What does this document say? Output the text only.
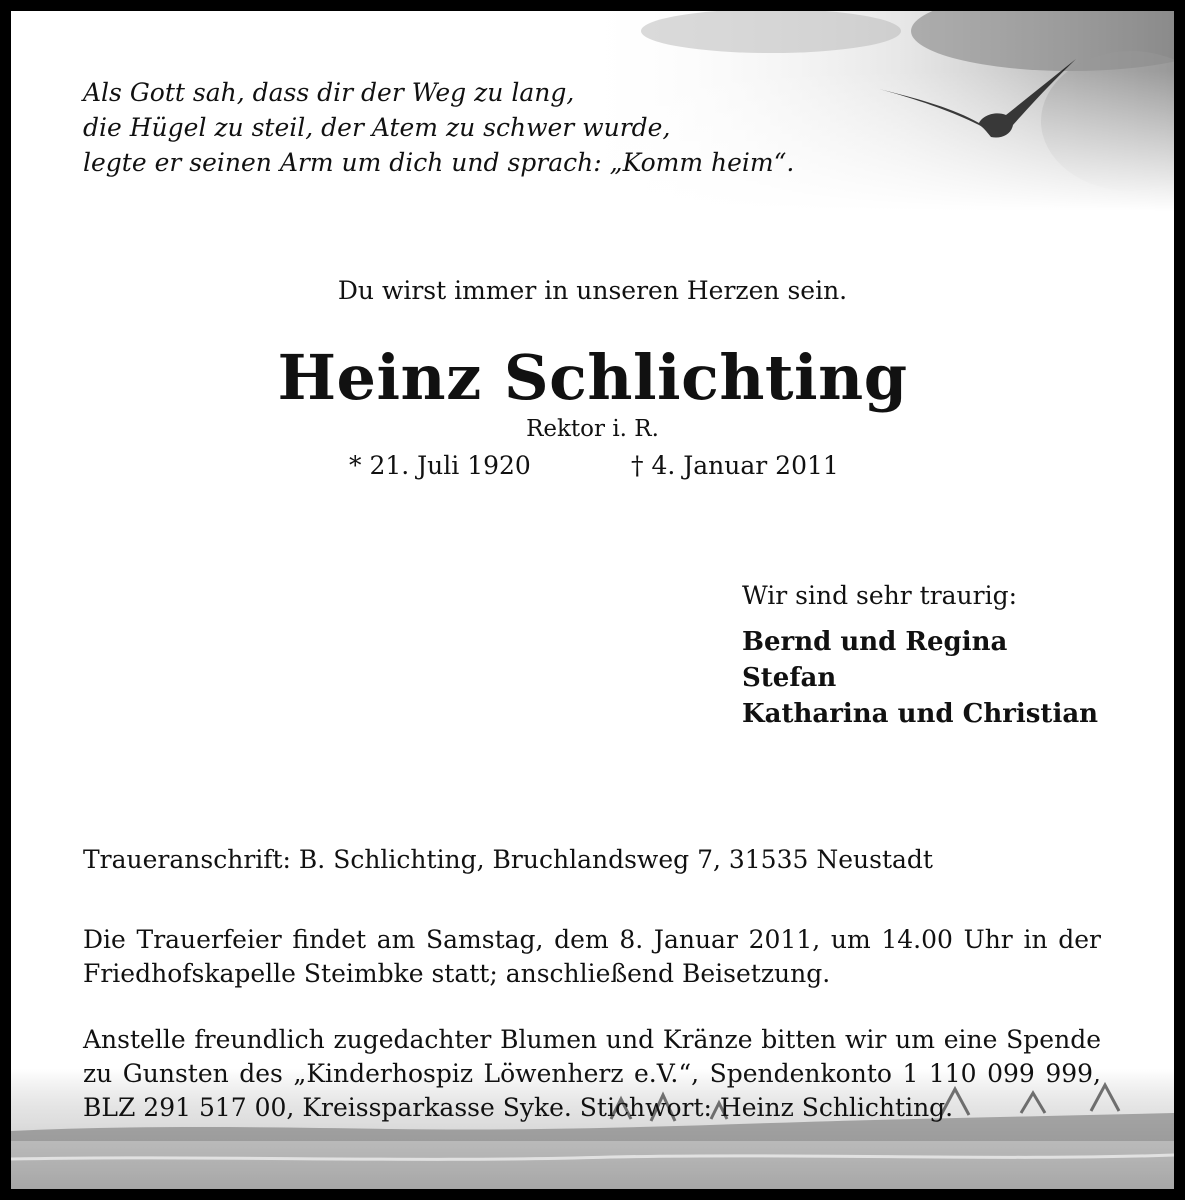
Als Gott sah, dass dir der Weg zu lang,
die Hügel zu steil, der Atem zu schwer wurde,
legte er seinen Arm um dich und sprach: „Komm heim“.
Du wirst immer in unseren Herzen sein.
Heinz Schlichting
Rektor i. R.
* 21. Juli 1920	† 4. Januar 2011
Wir sind sehr traurig:
Bernd und Regina
Stefan
Katharina und Christian
Traueranschrift: B. Schlichting, Bruchlandsweg 7, 31535 Neustadt
Die Trauerfeier findet am Samstag, dem 8. Januar 2011, um 14.00 Uhr in der Friedhofskapelle Steimbke statt; anschließend Beisetzung.
Anstelle freundlich zugedachter Blumen und Kränze bitten wir um eine Spende zu Gunsten des „Kinderhospiz Löwenherz e.V.“, Spendenkonto 1 110 099 999, BLZ 291 517 00, Kreissparkasse Syke. Stichwort: Heinz Schlichting.
